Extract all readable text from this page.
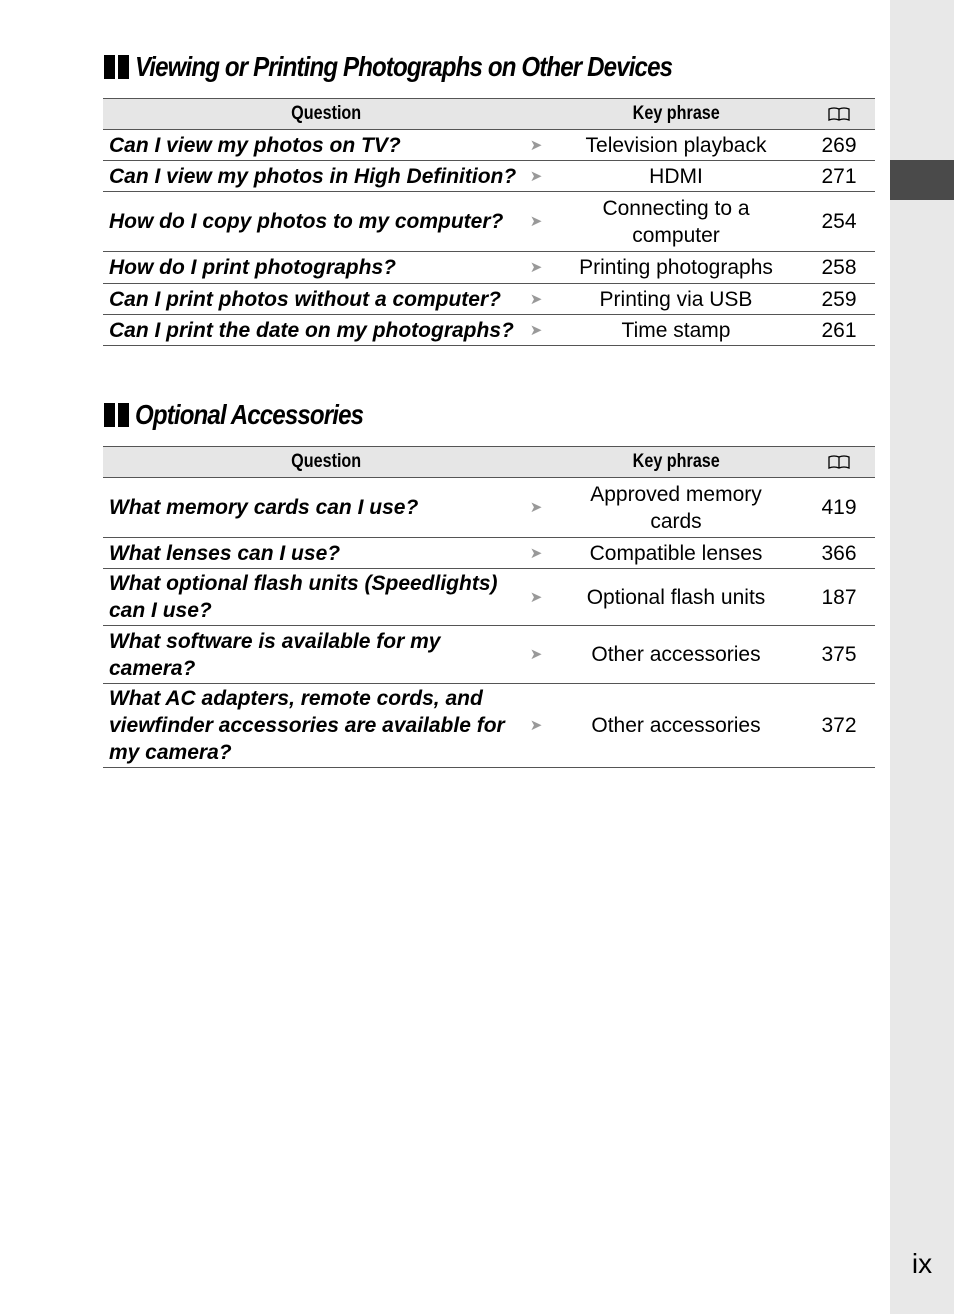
ix
Viewing or Printing Photographs on Other Devices
Question		Key phrase	

Can I view my photos on TV?	➤	Television playback	269
Can I view my photos in High Definition?	➤	HDMI	271
How do I copy photos to my computer?	➤	Connecting to a computer	254
How do I print photographs?	➤	Printing photographs	258
Can I print photos without a computer?	➤	Printing via USB	259
Can I print the date on my photographs?	➤	Time stamp	261
Optional Accessories
Question		Key phrase	

What memory cards can I use?	➤	Approved memory cards	419
What lenses can I use?	➤	Compatible lenses	366
What optional flash units (Speedlights) can I use?	➤	Optional flash units	187
What software is available for my camera?	➤	Other accessories	375
What AC adapters, remote cords, and viewfinder accessories are available for my camera?	➤	Other accessories	372
